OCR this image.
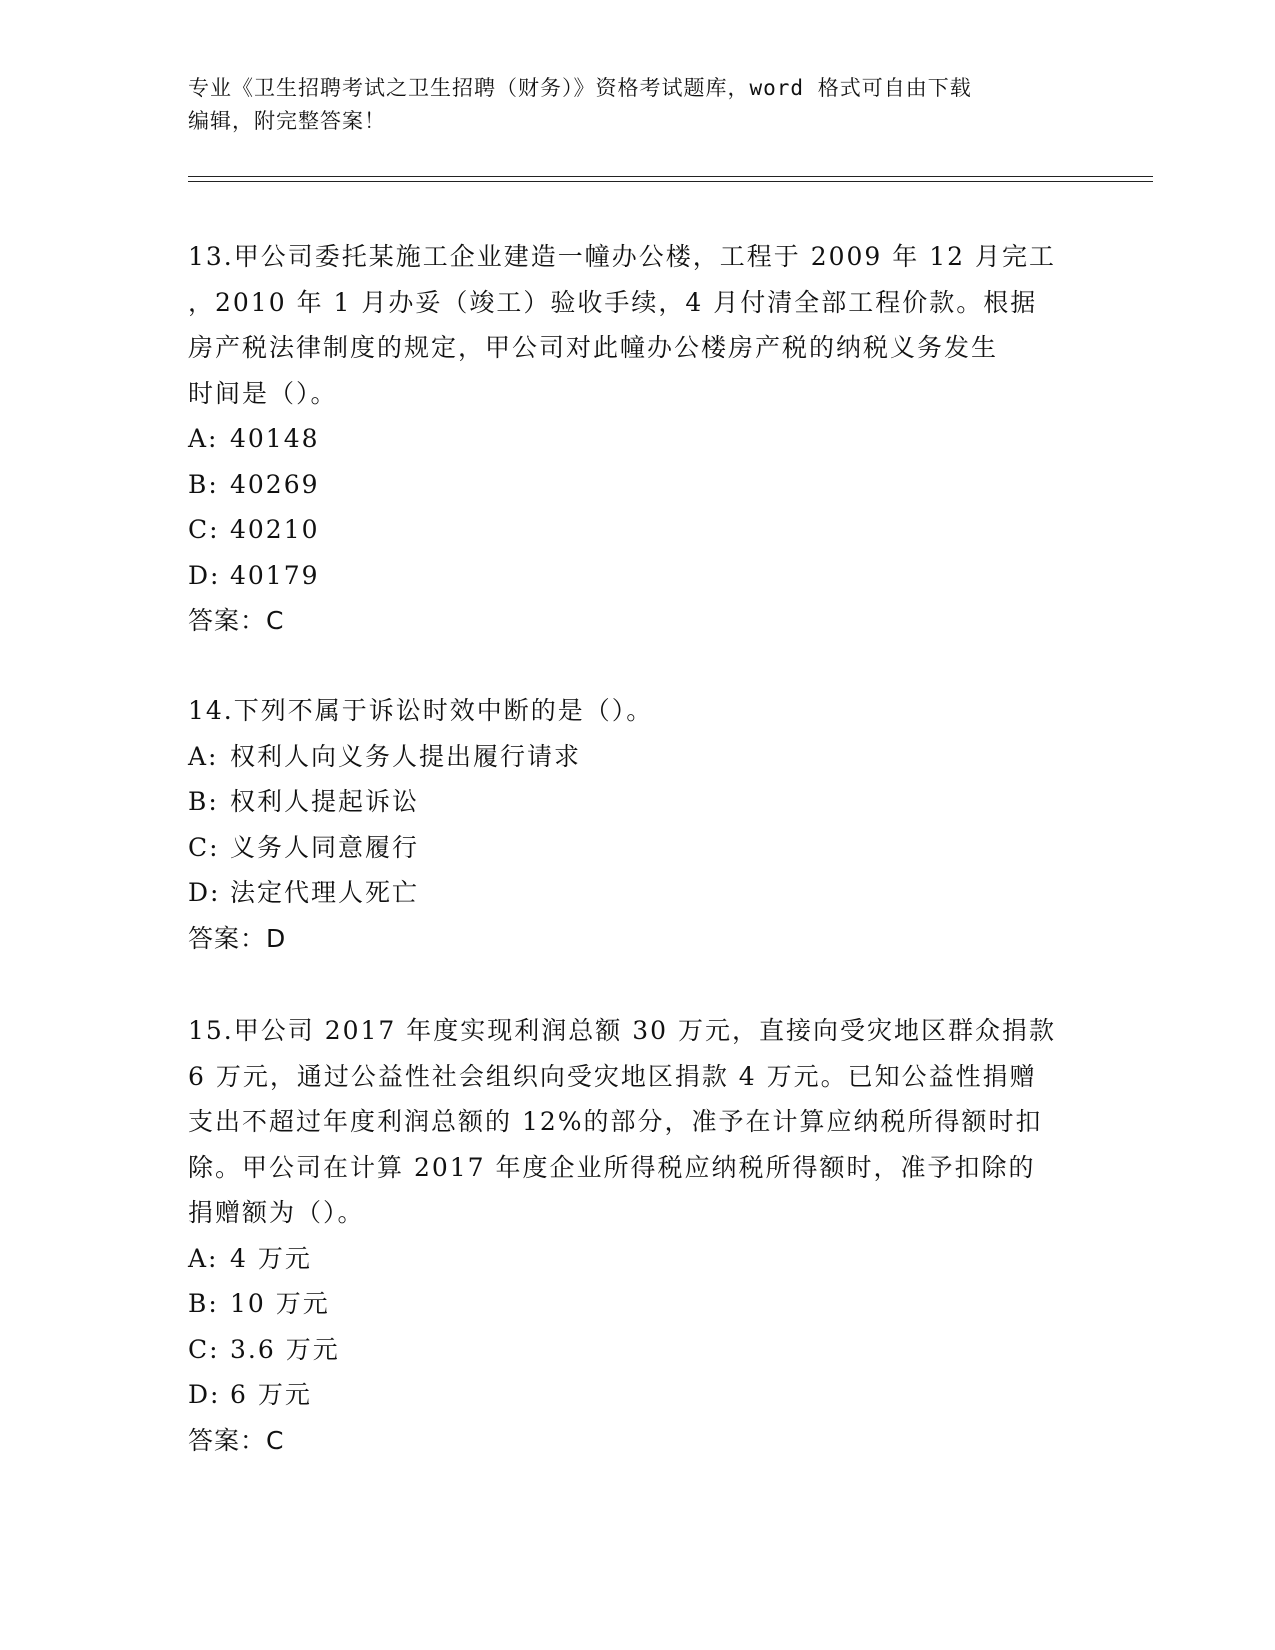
专业《卫生招聘考试之卫生招聘（财务）》资格考试题库，word 格式可自由下载
编辑，附完整答案！

13.甲公司委托某施工企业建造一幢办公楼，工程于 2009 年 12 月完工

，2010 年 1 月办妥（竣工）验收手续，4 月付清全部工程价款。根据

房产税法律制度的规定，甲公司对此幢办公楼房产税的纳税义务发生

时间是（）。

A: 40148
B: 40269
C: 40210
D: 40179
答案：C

14.下列不属于诉讼时效中断的是（）。

A: 权利人向义务人提出履行请求
B: 权利人提起诉讼
C: 义务人同意履行
D: 法定代理人死亡
答案：D

15.甲公司 2017 年度实现利润总额 30 万元，直接向受灾地区群众捐款

6 万元，通过公益性社会组织向受灾地区捐款 4 万元。已知公益性捐赠

支出不超过年度利润总额的 12%的部分，准予在计算应纳税所得额时扣

除。甲公司在计算 2017 年度企业所得税应纳税所得额时，准予扣除的

捐赠额为（）。

A: 4 万元
B: 10 万元
C: 3.6 万元
D: 6 万元
答案：C
